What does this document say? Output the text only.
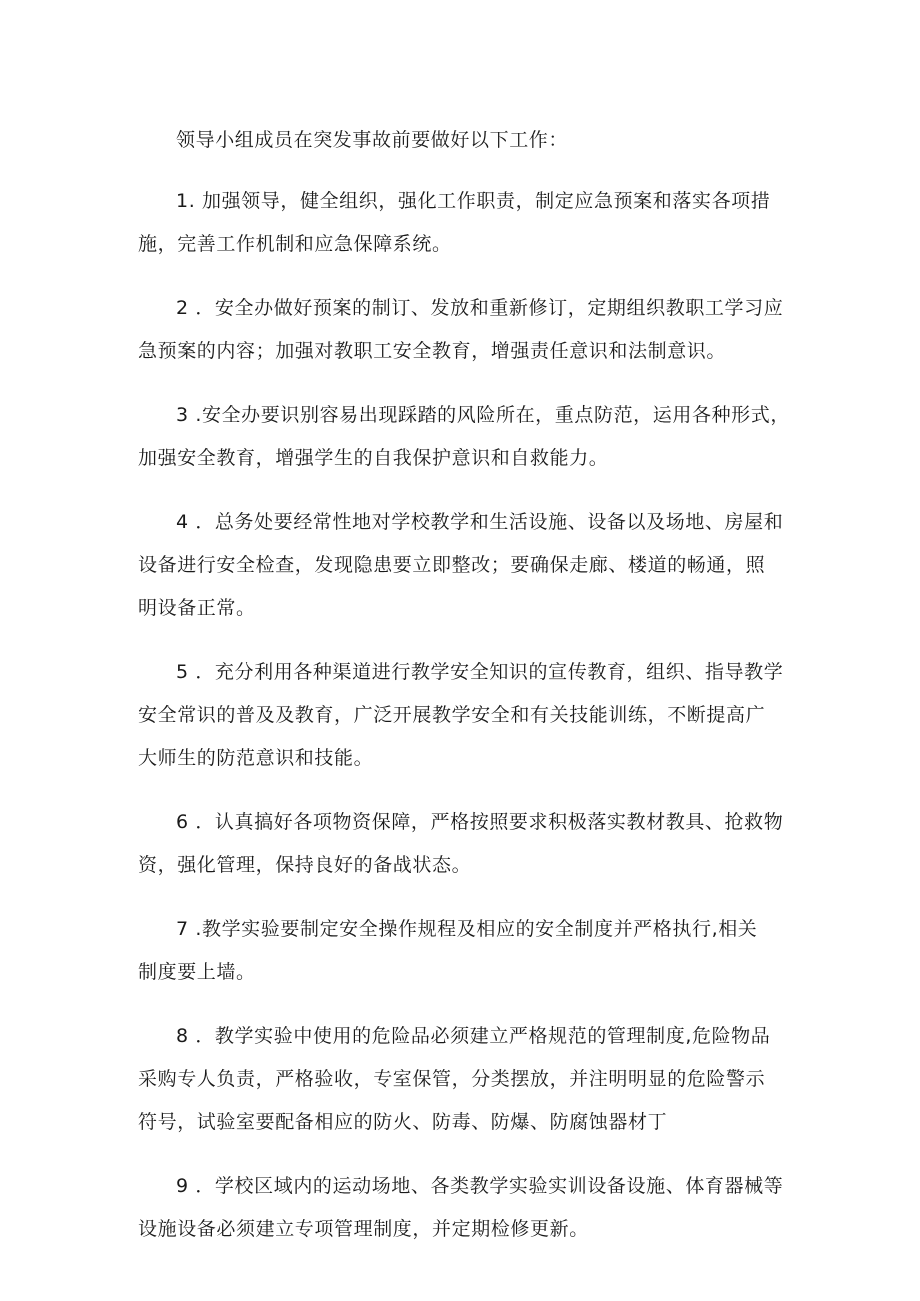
领导小组成员在突发事故前要做好以下工作：

1. 加强领导，健全组织，强化工作职责，制定应急预案和落实各项措
施，完善工作机制和应急保障系统。

2 ．安全办做好预案的制订、发放和重新修订，定期组织教职工学习应
急预案的内容；加强对教职工安全教育，增强责任意识和法制意识。

3 .安全办要识别容易出现踩踏的风险所在，重点防范，运用各种形式，
加强安全教育，增强学生的自我保护意识和自救能力。

4 ．总务处要经常性地对学校教学和生活设施、设备以及场地、房屋和
设备进行安全检查，发现隐患要立即整改；要确保走廊、楼道的畅通，照
明设备正常。

5 ．充分利用各种渠道进行教学安全知识的宣传教育，组织、指导教学
安全常识的普及及教育，广泛开展教学安全和有关技能训练，不断提高广
大师生的防范意识和技能。

6 ．认真搞好各项物资保障，严格按照要求积极落实教材教具、抢救物
资，强化管理，保持良好的备战状态。

7 .教学实验要制定安全操作规程及相应的安全制度并严格执行,相关
制度要上墙。

8 ．教学实验中使用的危险品必须建立严格规范的管理制度,危险物品
采购专人负责，严格验收，专室保管，分类摆放，并注明明显的危险警示
符号，试验室要配备相应的防火、防毒、防爆、防腐蚀器材丁

9 ．学校区域内的运动场地、各类教学实验实训设备设施、体育器械等
设施设备必须建立专项管理制度，并定期检修更新。
